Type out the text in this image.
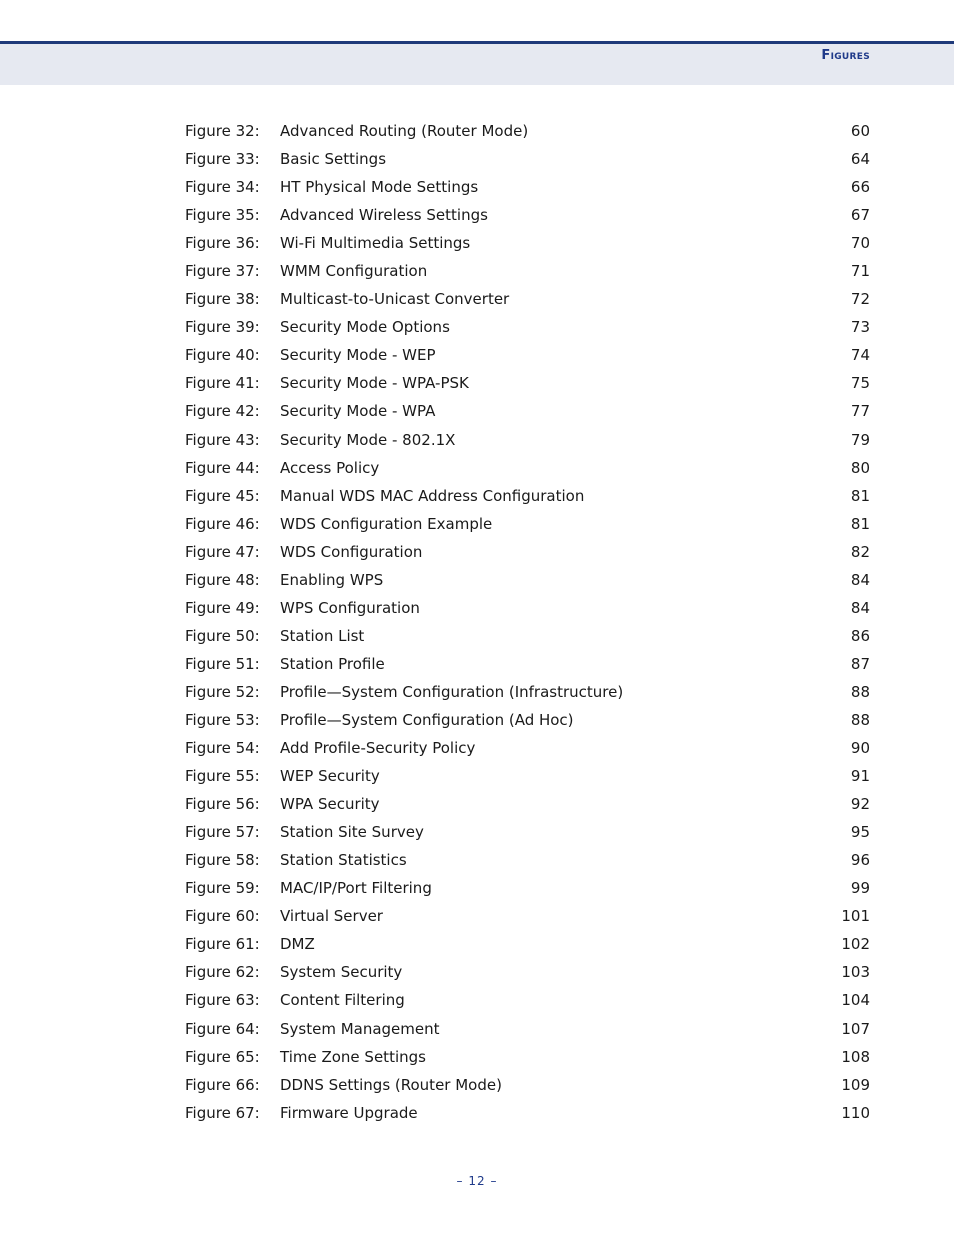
Figures
Figure 32:	Advanced Routing (Router Mode)	60
Figure 33:	Basic Settings	64
Figure 34:	HT Physical Mode Settings	66
Figure 35:	Advanced Wireless Settings	67
Figure 36:	Wi-Fi Multimedia Settings	70
Figure 37:	WMM Configuration	71
Figure 38:	Multicast-to-Unicast Converter	72
Figure 39:	Security Mode Options	73
Figure 40:	Security Mode - WEP	74
Figure 41:	Security Mode - WPA-PSK	75
Figure 42:	Security Mode - WPA	77
Figure 43:	Security Mode - 802.1X	79
Figure 44:	Access Policy	80
Figure 45:	Manual WDS MAC Address Configuration	81
Figure 46:	WDS Configuration Example	81
Figure 47:	WDS Configuration	82
Figure 48:	Enabling WPS	84
Figure 49:	WPS Configuration	84
Figure 50:	Station List	86
Figure 51:	Station Profile	87
Figure 52:	Profile—System Configuration (Infrastructure)	88
Figure 53:	Profile—System Configuration (Ad Hoc)	88
Figure 54:	Add Profile-Security Policy	90
Figure 55:	WEP Security	91
Figure 56:	WPA Security	92
Figure 57:	Station Site Survey	95
Figure 58:	Station Statistics	96
Figure 59:	MAC/IP/Port Filtering	99
Figure 60:	Virtual Server	101
Figure 61:	DMZ	102
Figure 62:	System Security	103
Figure 63:	Content Filtering	104
Figure 64:	System Management	107
Figure 65:	Time Zone Settings	108
Figure 66:	DDNS Settings (Router Mode)	109
Figure 67:	Firmware Upgrade	110
– 12 –
